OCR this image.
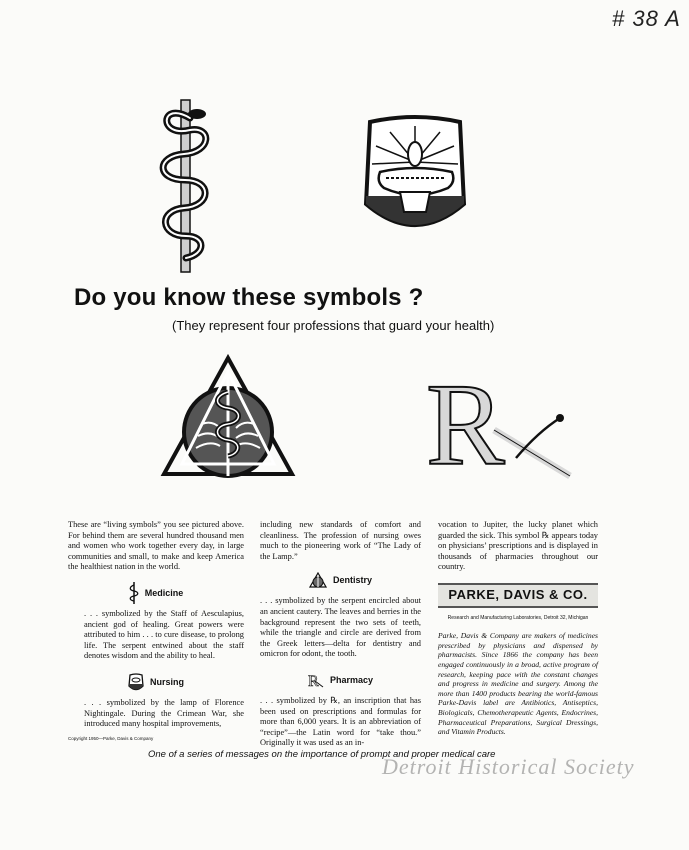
# 38 A
Do you know these symbols ?
(They represent four professions that guard your health)
R

These are “living symbols” you see pictured above. For behind them are several hundred thousand men and women who work together every day, in large communities and small, to make and keep America the healthiest nation in the world.

Medicine

. . . symbolized by the Staff of Aesculapius, ancient god of healing. Great powers were attributed to him . . . to cure disease, to prolong life. The serpent entwined about the staff denotes wisdom and the ability to heal.

Nursing

. . . symbolized by the lamp of Florence Nightingale. During the Crimean War, she introduced many hospital improvements,

including new standards of comfort and cleanliness. The profession of nursing owes much to the pioneering work of “The Lady of the Lamp.”

Dentistry

. . . symbolized by the serpent encircled about an ancient cautery. The leaves and berries in the background represent the two sets of teeth, while the triangle and circle are derived from the Greek letters—delta for dentistry and omicron for odont, the tooth.

R Pharmacy

. . . symbolized by ℞, an inscription that has been used on prescriptions and formulas for more than 6,000 years. It is an abbreviation of “recipe”—the Latin word for “take thou.” Originally it was used as an in-

vocation to Jupiter, the lucky planet which guarded the sick. This symbol ℞ appears today on physicians’ prescriptions and is displayed in thousands of pharmacies throughout our country.

PARKE, DAVIS & CO.
Research and Manufacturing Laboratories, Detroit 32, Michigan

Parke, Davis & Company are makers of medicines prescribed by physicians and dispensed by pharmacists. Since 1866 the company has been engaged continuously in a broad, active program of research, keeping pace with the constant changes and progress in medicine and surgery. Among the more than 1400 products bearing the world-famous Parke-Davis label are Antibiotics, Antiseptics, Biologicals, Chemotherapeutic Agents, Endocrines, Pharmaceutical Preparations, Surgical Dressings, and Vitamin Products.

Copyright 1950—Parke, Davis & Company
One of a series of messages on the importance of prompt and proper medical care
Detroit Historical Society
